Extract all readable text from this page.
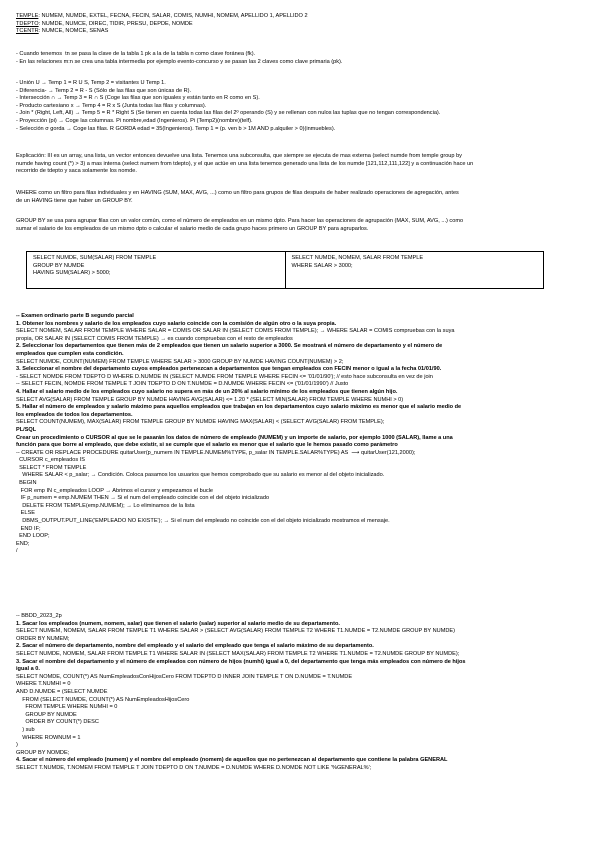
TEMPLE: NUMEM, NUMDE, EXTEL, FECNA, FECIN, SALAR, COMIS, NUMHI, NOMEM, APELLIDO 1, APELLIDO 2
TDEPTO: NUMDE, NUMCE, DIREC, TIDIR, PRESU, DEPDE, NOMDE
TCENTR: NUMCE, NOMCE, SEÑAS
- Cuando tenemos  tn se pasa la clave de la tabla 1 pk a la de la tabla n como clave foránea (fk).
- En las relaciones m:n se crea una tabla intermedia por ejemplo evento-concurso y se pasan las 2 claves como clave primaria (pk).
- Unión U → Temp 1 = R U S, Temp 2 = visitantes U Temp 1.
- Diferencia- → Temp 2 = R - S (Sólo de las filas que son únicas de R).
- Intersección ∩ → Temp 3 = R ∩ S (Coge las filas que son iguales y están tanto en R como en S).
- Producto cartesiano x → Temp 4 = R x S (Junta todas las filas y columnas).
- Join * (Right, Left, All) → Temp 5 = R * Right S (Se tienen en cuenta todas las filas del 2º operando (S) y se rellenan con nulos las tuplas que no tengan correspondencia).
- Proyección (pi) → Coge las columnas. Pi nombre,edad (Ingenieros). Pi (Temp2)(nombre)(telf).
- Selección σ gorda → Coge las filas. R GORDA edad = 35(Ingenieros). Temp 1 = (p. ven b > 1M AND p.alquiler > 0)(inmuebles).
Explicación: III es un array, una lista, un vector entonces devuelve una lista. Tenemos una subconsulta, que siempre se ejecuta de mas externa (select numde from temple group by
numde having count (*) > 3) a mas interna (select numem from tdepto), y el que actúe en una lista tenemos generado una lista de los numde [121,112,111,122] y a continuación hace un
recorrido de tdepto y saca solamente los nomde.
WHERE como un filtro para filas individuales y en HAVING (SUM, MAX, AVG, ...) como un filtro para grupos de filas después de haber realizado operaciones de agregación, antes
de un HAVING tiene que haber un GROUP BY.
GROUP BY se usa para agrupar filas con un valor común, como el número de empleados en un mismo dpto. Para hacer las operaciones de agrupación (MAX, SUM, AVG, ...) como
sumar el salario de los empleados de un mismo dpto o calcular el salario medio de cada grupo haces primero un GROUP BY para agruparlos.
SELECT NUMDE, SUM(SALAR) FROM TEMPLE
GROUP BY NUMDE
HAVING SUM(SALAR) > 5000;
SELECT NUMDE, NOMEM, SALAR FROM TEMPLE
WHERE SALAR > 3000;
-- Examen ordinario parte B segundo parcial
1. Obtener los nombres y salario de los empleados cuyo salario coincide con la comisión de algún otro o la suya propia.
SELECT NOMEM, SALAR FROM TEMPLE WHERE SALAR = COMIS OR SALAR IN (SELECT COMIS FROM TEMPLE); → WHERE SALAR = COMIS compruebas con la suya
propia, OR SALAR IN (SELECT COMIS FROM TEMPLE) → es cuando compruebas con el resto de empleados
2. Seleccionar los departamentos que tienen más de 2 empleados que tienen un salario superior a 3000. Se mostrará el número de departamento y el número de
empleados que cumplen esta condición.
SELECT NUMDE, COUNT(NUMEM) FROM TEMPLE WHERE SALAR > 3000 GROUP BY NUMDE HAVING COUNT(NUMEM) > 2;
3. Seleccionar el nombre del departamento cuyos empleados pertenezcan a departamentos que tengan empleados con FECIN menor o igual a la fecha 01/01/90.
- SELECT NOMDE FROM TDEPTO D WHERE D.NUMDE IN (SELECT NUMDE FROM TEMPLE WHERE FECIN <= '01/01/90'); // esto hace subconsulta en vez de join
-- SELECT FECIN, NOMDE FROM TEMPLE T JOIN TDEPTO D ON T.NUMDE = D.NUMDE WHERE FECIN <= ('01/01/1990') // Justo
4. Hallar el salario medio de los empleados cuyo salario no supera en más de un 20% al salario mínimo de los empleados que tienen algún hijo.
SELECT AVG(SALAR) FROM TEMPLE GROUP BY NUMDE HAVING AVG(SALAR) <= 1.20 * (SELECT MIN(SALAR) FROM TEMPLE WHERE NUMHI > 0)
5. Hallar el número de empleados y salario máximo para aquellos empleados que trabajan en los departamentos cuyo salario máximo es menor que el salario medio de
los empleados de todos los departamentos.
SELECT COUNT(NUMEM), MAX(SALAR) FROM TEMPLE GROUP BY NUMDE HAVING MAX(SALAR) < (SELECT AVG(SALAR) FROM TEMPLE);
PL/SQL
Crear un procedimiento o CURSOR al que se le pasarán los datos de número de empleado (NUMEM) y un importe de salario, por ejemplo 1000 (SALAR), llame a una
función para que borre al empleado, que debe existir, si se cumple que el salario es menor que el salario que le hemos pasado como parámetro
-- CREATE OR REPLACE PROCEDURE quitarUser(p_numem IN TEMPLE.NUMEM%TYPE, p_salar IN TEMPLE.SALAR%TYPE) AS  ⟶ quitarUser(121,2000);
CURSOR c_empleados IS
SELECT * FROM TEMPLE
WHERE SALAR < p_salar; → Condición. Coloca pasamos los usuarios que hemos comprobado que su salario es menor al del objeto inicializado.
BEGIN
FOR emp IN c_empleados LOOP → Abrimos el cursor y empezamos el bucle
IF p_numem = emp.NUMEM THEN → Si el num del empleado coincide con el del objeto inicializado
DELETE FROM TEMPLE(emp.NUMEM); → Lo eliminamos de la lista
ELSE
DBMS_OUTPUT.PUT_LINE('EMPLEADO NO EXISTE'); → Si el num del empleado no coincide con el del objeto inicializado mostramos el mensaje.
END IF;
END LOOP;
END;
/
-- BBDD_2023_2p
1. Sacar los empleados (numem, nomem, salar) que tienen el salario (salar) superior al salario medio de su departamento.
SELECT NUMEM, NOMEM, SALAR FROM TEMPLE T1 WHERE SALAR > (SELECT AVG(SALAR) FROM TEMPLE T2 WHERE T1.NUMDE = T2.NUMDE GROUP BY NUMDE)
ORDER BY NUMEM;
2. Sacar el número de departamento, nombre del empleado y el salario del empleado que tenga el salario máximo de su departamento.
SELECT NUMDE, NOMEM, SALAR FROM TEMPLE T1 WHERE SALAR IN (SELECT MAX(SALAR) FROM TEMPLE T2 WHERE T1.NUMDE = T2.NUMDE GROUP BY NUMDE);
3. Sacar el nombre del departamento y el número de empleados con número de hijos (numhi) igual a 0, del departamento que tenga más empleados con número de hijos
igual a 0.
SELECT NOMDE, COUNT(*) AS NumEmpleadosConHijosCero FROM TDEPTO D INNER JOIN TEMPLE T ON D.NUMDE = T.NUMDE
WHERE T.NUMHI = 0
AND D.NUMDE = (SELECT NUMDE
FROM (SELECT NUMDE, COUNT(*) AS NumEmpleadosHijosCero
FROM TEMPLE WHERE NUMHI = 0
GROUP BY NUMDE
ORDER BY COUNT(*) DESC
) sub
WHERE ROWNUM = 1
)
GROUP BY NOMDE;
4. Sacar el número del empleado (numem) y el nombre del empleado (nomem) de aquellos que no pertenezcan al departamento que contiene la palabra GENERAL
SELECT T.NUMDE, T.NOMEM FROM TEMPLE T JOIN TDEPTO D ON T.NUMDE = D.NUMDE WHERE D.NOMDE NOT LIKE '%GENERAL%';
